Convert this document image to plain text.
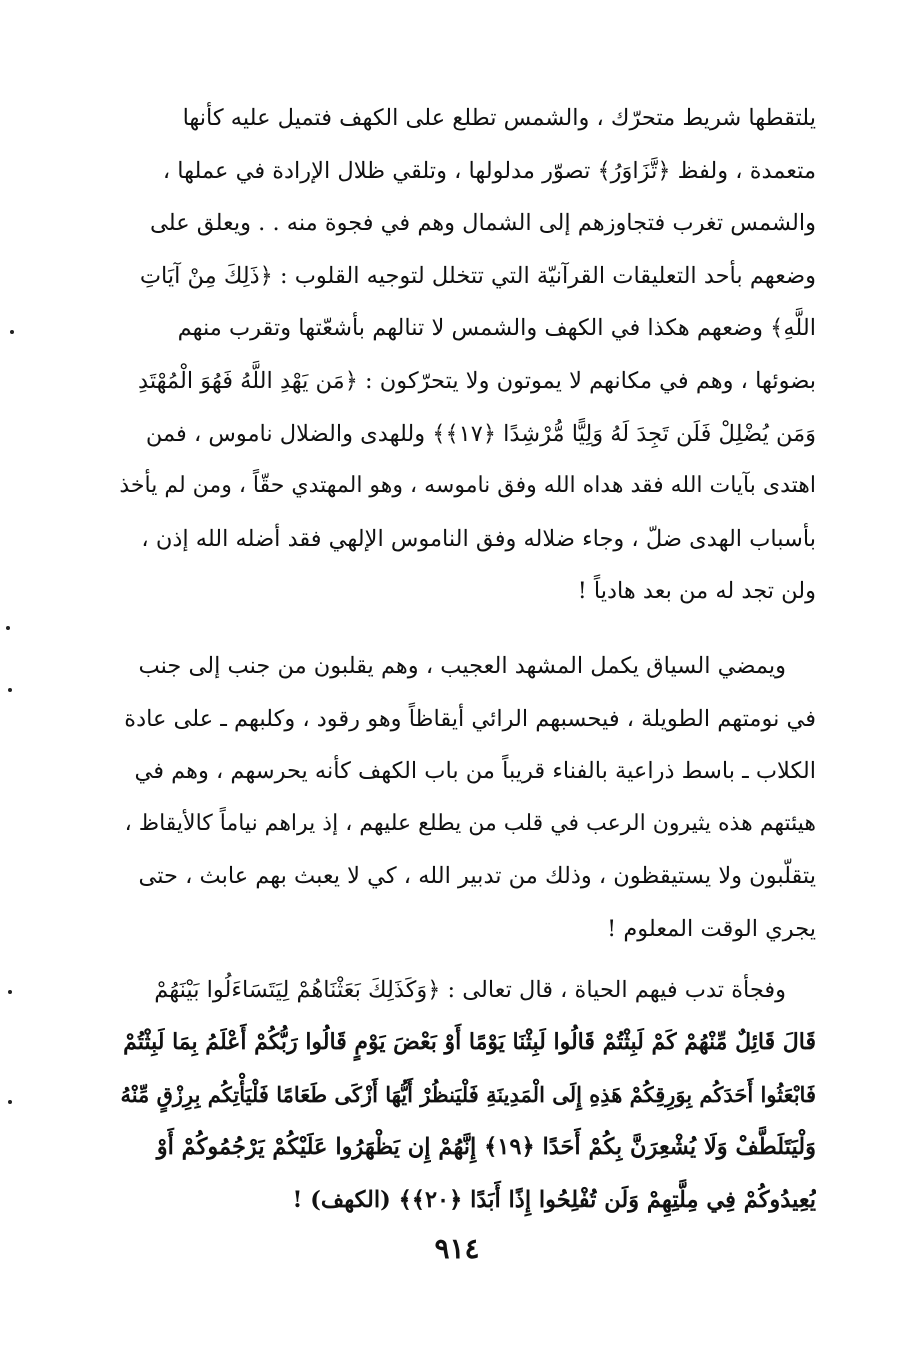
يلتقطها شريط متحرّك ، والشمس تطلع على الكهف فتميل عليه كأنها
متعمدة ، ولفظ ﴿تَّزَاوَرُ﴾ تصوّر مدلولها ، وتلقي ظلال الإرادة في عملها ،
والشمس تغرب فتجاوزهم إلى الشمال وهم في فجوة منه . . ويعلق على
وضعهم بأحد التعليقات القرآنيّة التي تتخلل لتوجيه القلوب : ﴿ذَلِكَ مِنْ آيَاتِ
اللَّهِ﴾ وضعهم هكذا في الكهف والشمس لا تنالهم بأشعّتها وتقرب منهم
بضوئها ، وهم في مكانهم لا يموتون ولا يتحرّكون : ﴿مَن يَهْدِ اللَّهُ فَهُوَ الْمُهْتَدِ
وَمَن يُضْلِلْ فَلَن تَجِدَ لَهُ وَلِيًّا مُّرْشِدًا ﴿١٧﴾﴾ وللهدى والضلال ناموس ، فمن
اهتدى بآيات الله فقد هداه الله وفق ناموسه ، وهو المهتدي حقّاً ، ومن لم يأخذ
بأسباب الهدى ضلّ ، وجاء ضلاله وفق الناموس الإلهي فقد أضله الله إذن ،
ولن تجد له من بعد هادياً !
ويمضي السياق يكمل المشهد العجيب ، وهم يقلبون من جنب إلى جنب
في نومتهم الطويلة ، فيحسبهم الرائي أيقاظاً وهو رقود ، وكلبهم ـ على عادة
الكلاب ـ باسط ذراعية بالفناء قريباً من باب الكهف كأنه يحرسهم ، وهم في
هيئتهم هذه يثيرون الرعب في قلب من يطلع عليهم ، إذ يراهم نياماً كالأيقاظ ،
يتقلّبون ولا يستيقظون ، وذلك من تدبير الله ، كي لا يعبث بهم عابث ، حتى
يجري الوقت المعلوم !
وفجأة تدب فيهم الحياة ، قال تعالى : ﴿وَكَذَلِكَ بَعَثْنَاهُمْ لِيَتَسَاءَلُوا بَيْنَهُمْ
قَالَ قَائِلٌ مِّنْهُمْ كَمْ لَبِثْتُمْ قَالُوا لَبِثْنَا يَوْمًا أَوْ بَعْضَ يَوْمٍ قَالُوا رَبُّكُمْ أَعْلَمُ بِمَا لَبِثْتُمْ
فَابْعَثُوا أَحَدَكُم بِوَرِقِكُمْ هَذِهِ إِلَى الْمَدِينَةِ فَلْيَنظُرْ أَيُّهَا أَزْكَى طَعَامًا فَلْيَأْتِكُم بِرِزْقٍ مِّنْهُ
وَلْيَتَلَطَّفْ وَلَا يُشْعِرَنَّ بِكُمْ أَحَدًا ﴿١٩﴾ إِنَّهُمْ إِن يَظْهَرُوا عَلَيْكُمْ يَرْجُمُوكُمْ أَوْ
يُعِيدُوكُمْ فِي مِلَّتِهِمْ وَلَن تُفْلِحُوا إِذًا أَبَدًا ﴿٢٠﴾﴾ (الكهف) !
٩١٤
